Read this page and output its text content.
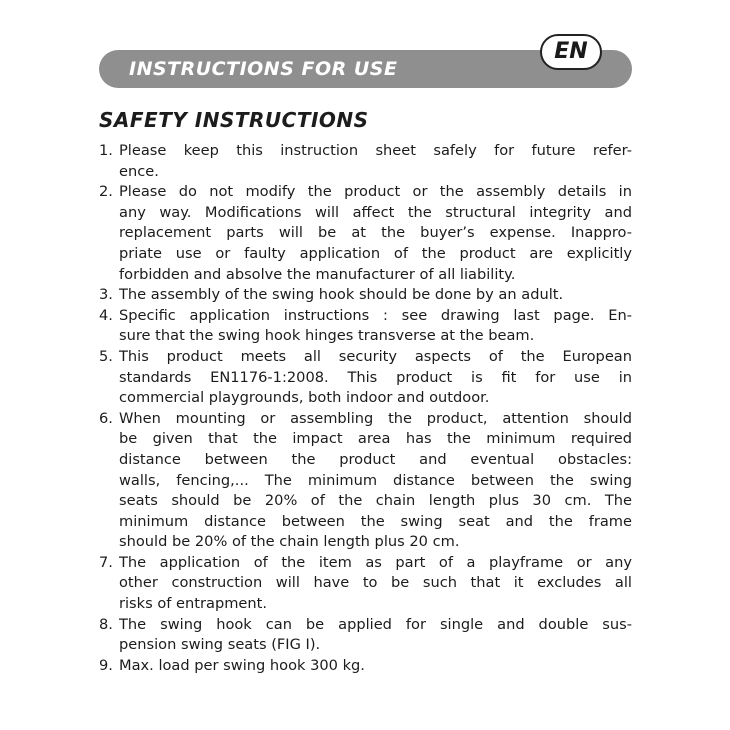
INSTRUCTIONS FOR USE
EN
SAFETY INSTRUCTIONS
1. Please keep this instruction sheet safely for future refer-
ence.
2. Please do not modify the product or the assembly details in
any way. Modifications will affect the structural integrity and
replacement parts will be at the buyer’s expense. Inappro-
priate use or faulty application of the product are explicitly
forbidden and absolve the manufacturer of all liability.
3. The assembly of the swing hook should be done by an adult.
4. Specific application instructions : see drawing last page. En-
sure that the swing hook hinges transverse at the beam.
5. This product meets all security aspects of the European
standards EN1176-1:2008. This product is fit for use in
commercial playgrounds, both indoor and outdoor.
6. When mounting or assembling the product, attention should
be given that the impact area has the minimum required
distance between the product and eventual obstacles:
walls, fencing,... The minimum distance between the swing
seats should be 20% of the chain length plus 30 cm. The
minimum distance between the swing seat and the frame
should be 20% of the chain length plus 20 cm.
7. The application of the item as part of a playframe or any
other construction will have to be such that it excludes all
risks of entrapment.
8. The swing hook can be applied for single and double sus-
pension swing seats (FIG I).
9. Max. load per swing hook 300 kg.
